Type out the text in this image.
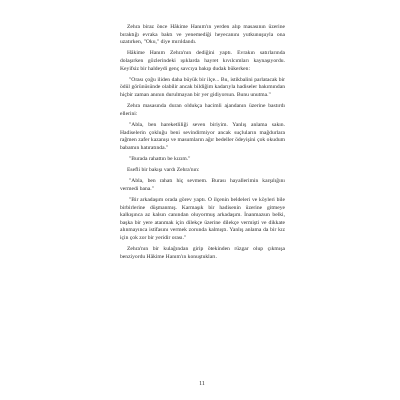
Zehra biraz önce Hâkime Hanım'ın yerden alıp masasının üzerine bıraktığı evraka baktı ve yenemediği heyecanını yutkunuşuyla ona uzatırken, "Oku," diye mırıldandı.

Hâkime Hanım Zehra'nın dediğini yaptı. Evrakın satırlarında dolaşırken gözlerindeki ışıklarda hayret kıvılcımları kaynaşıyordu. Keyifsiz bir haldeydi genç savcıya bakıp dudak bükerken:

"Orası çoğu iliden daha büyük bir ilçe... Bu, istikbalini parlatacak bir ödül görünüsünde olabilir ancak bildiğim kadarıyla hadiseler bakımından hiçbir zaman anının durulmayan bir yer gidiyorsun. Bunu unutma."

Zehra masasında duran oldukça hacimli ajandanın üzerine bastırdı ellerini:

"Abla, ben hareketliliği seven biriyim. Yanlış anlama sakın. Hadiselerin çokluğu beni sevindirmiyor ancak suçluların mağdurlara rağmen zafer kazanışı ve masumların ağır bedeller ödeyişini çok okudum babamın hatıratında."

"Burada rahattın be kızım."

Esefli bir bakışı vardı Zehra'nın:

"Abla, ben rahatı hiç sevmem. Burası hayallerimin karşılığını vermedi bana."

"Bir arkadaşım orada görev yaptı. O ilçenin beldeleri ve köyleri bile birbirlerine düşmanmış. Karmaşık bir hadisenin üzerine gitmeye kalkışınca az kalsın canından oluyormuş arkadaşım. İnanmazsın belki, başka bir yere atanmak için dilekçe üzerine dilekçe vermişti ve dikkate alınmayınca istifasını vermek zorunda kalmıştı. Yanlış anlama da bir kız için çok zor bir yeridir orası."

Zehra'nın bir kulağından girip ötekinden rüzgar olup çıkmışa benziyordu Hâkime Hanım'ın konuştukları.

11
